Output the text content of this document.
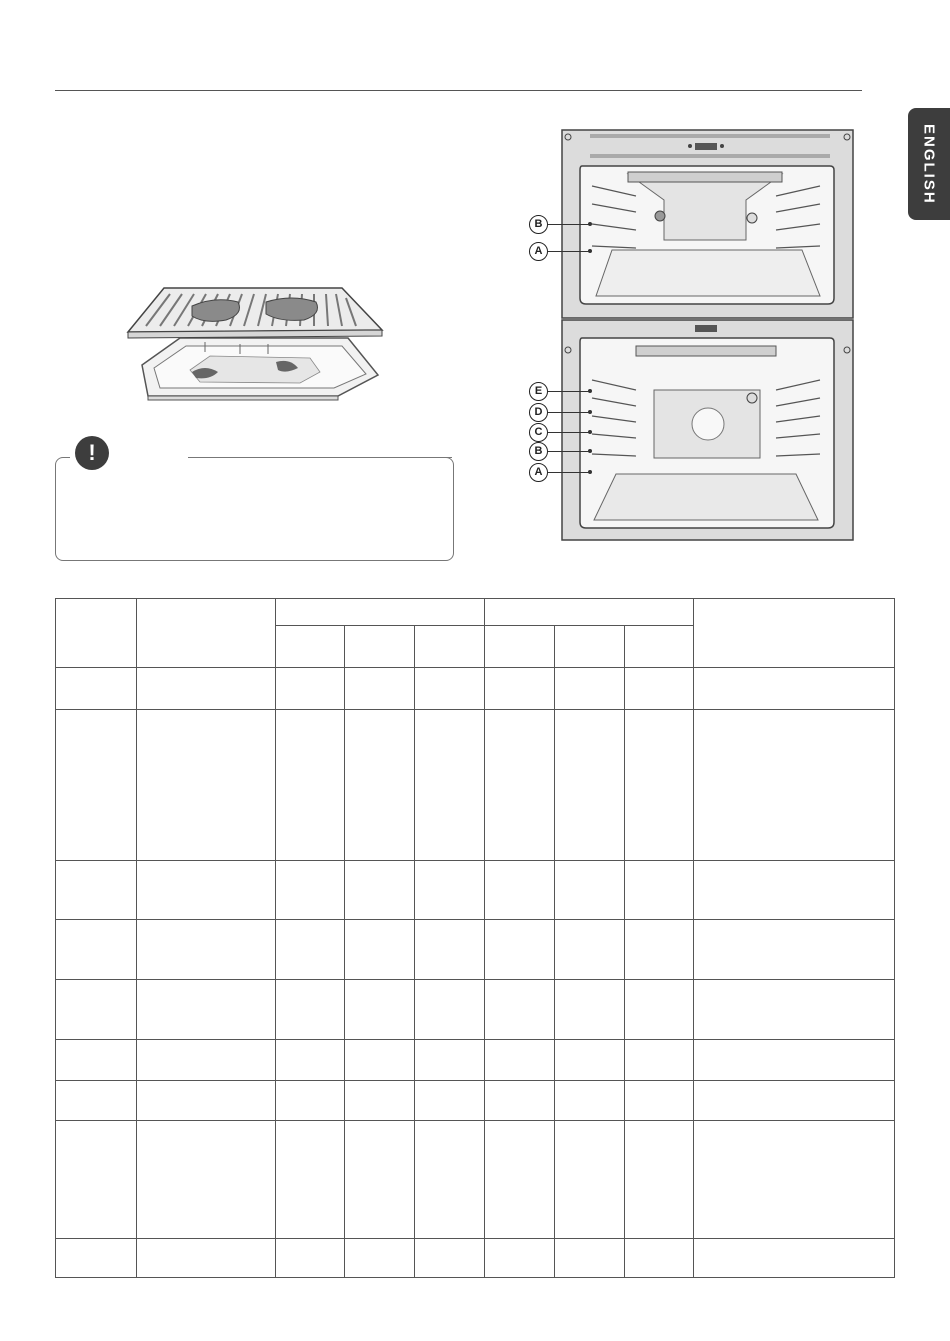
ENGLISH
!
B
A
E
D
C
B
A
